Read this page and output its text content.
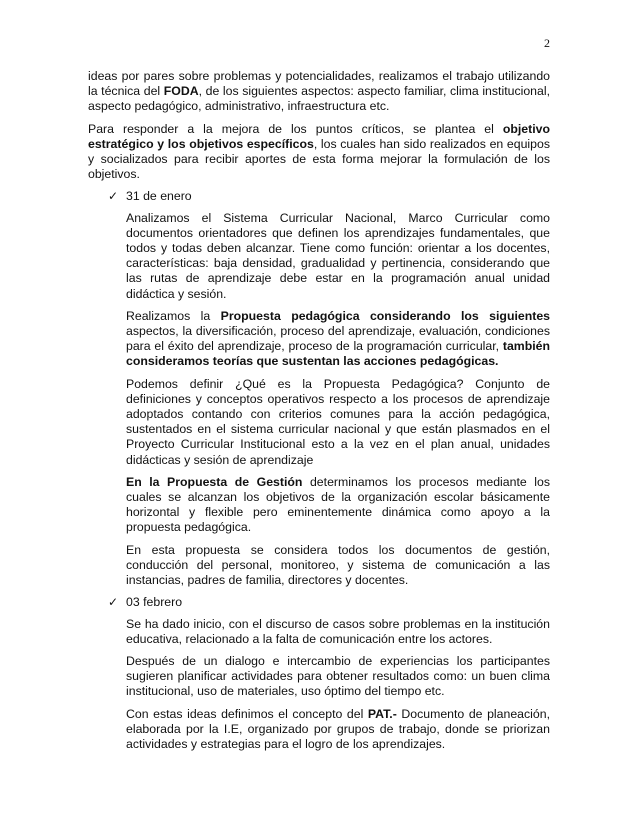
2

ideas por pares sobre problemas y potencialidades, realizamos el trabajo utilizando la técnica del FODA, de los siguientes aspectos: aspecto familiar, clima institucional, aspecto pedagógico, administrativo, infraestructura etc.

Para responder a la mejora de los puntos críticos, se plantea el objetivo estratégico y los objetivos específicos, los cuales han sido realizados en equipos y socializados para recibir aportes de esta forma mejorar la formulación de los objetivos.

✓ 31 de enero

Analizamos el Sistema Curricular Nacional, Marco Curricular como documentos orientadores que definen los aprendizajes fundamentales, que todos y todas deben alcanzar. Tiene como función: orientar a los docentes, características: baja densidad, gradualidad y pertinencia, considerando que las rutas de aprendizaje debe estar en la programación anual unidad didáctica y sesión.

Realizamos la Propuesta pedagógica considerando los siguientes aspectos, la diversificación, proceso del aprendizaje, evaluación, condiciones para el éxito del aprendizaje, proceso de la programación curricular, también consideramos teorías que sustentan las acciones pedagógicas.

Podemos definir ¿Qué es la Propuesta Pedagógica? Conjunto de definiciones y conceptos operativos respecto a los procesos de aprendizaje adoptados contando con criterios comunes para la acción pedagógica, sustentados en el sistema curricular nacional y que están plasmados en el Proyecto Curricular Institucional esto a la vez en el plan anual, unidades didácticas y sesión de aprendizaje

En la Propuesta de Gestión determinamos los procesos mediante los cuales se alcanzan los objetivos de la organización escolar básicamente horizontal y flexible pero eminentemente dinámica como apoyo a la propuesta pedagógica.

En esta propuesta se considera todos los documentos de gestión, conducción del personal, monitoreo, y sistema de comunicación a las instancias, padres de familia, directores y docentes.

✓ 03 febrero

Se ha dado inicio, con el discurso de casos sobre problemas en la institución educativa, relacionado a la falta de comunicación entre los actores.

Después de un dialogo e intercambio de experiencias los participantes sugieren planificar actividades para obtener resultados como: un buen clima institucional, uso de materiales, uso óptimo del tiempo etc.

Con estas ideas definimos el concepto del PAT.- Documento de planeación, elaborada por la I.E, organizado por grupos de trabajo, donde se priorizan actividades y estrategias para el logro de los aprendizajes.
